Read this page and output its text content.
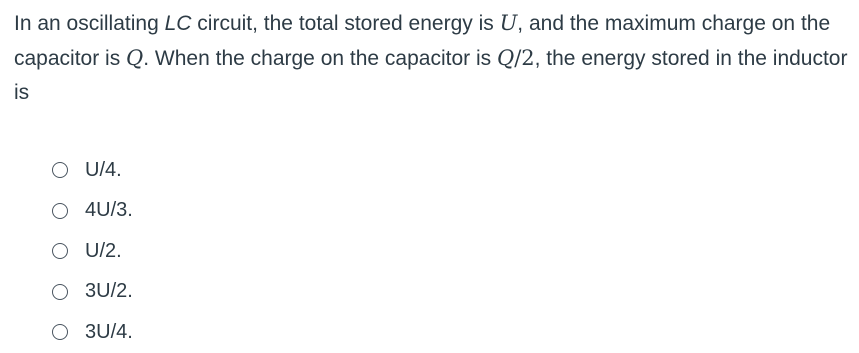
In an oscillating LC circuit, the total stored energy is U, and the maximum charge on the capacitor is Q. When the charge on the capacitor is Q/2, the energy stored in the inductor is

U/4.
4U/3.
U/2.
3U/2.
3U/4.
